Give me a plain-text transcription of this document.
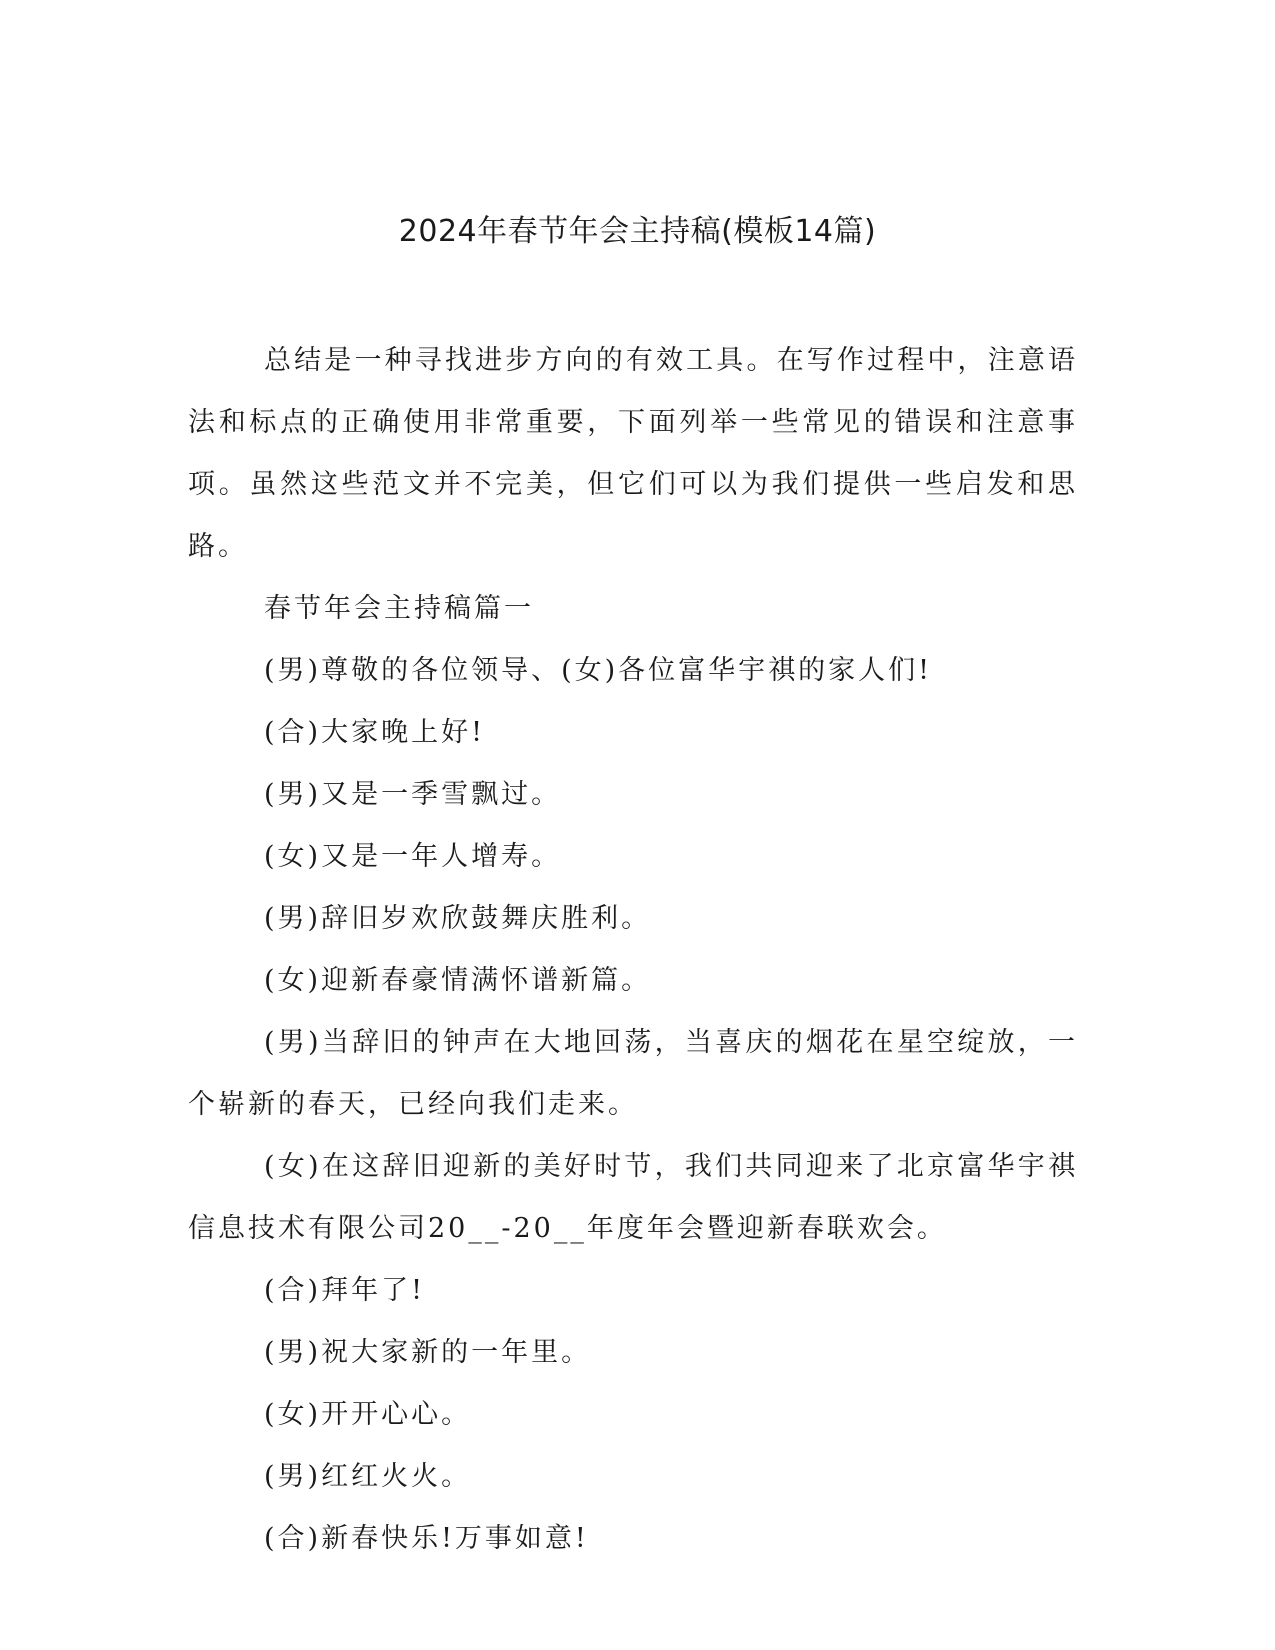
2024年春节年会主持稿(模板14篇)

总结是一种寻找进步方向的有效工具。在写作过程中，注意语法和标点的正确使用非常重要，下面列举一些常见的错误和注意事项。虽然这些范文并不完美，但它们可以为我们提供一些启发和思路。

春节年会主持稿篇一

(男)尊敬的各位领导、(女)各位富华宇祺的家人们!

(合)大家晚上好!

(男)又是一季雪飘过。

(女)又是一年人增寿。

(男)辞旧岁欢欣鼓舞庆胜利。

(女)迎新春豪情满怀谱新篇。

(男)当辞旧的钟声在大地回荡，当喜庆的烟花在星空绽放，一个崭新的春天，已经向我们走来。

(女)在这辞旧迎新的美好时节，我们共同迎来了北京富华宇祺信息技术有限公司20__-20__年度年会暨迎新春联欢会。

(合)拜年了!

(男)祝大家新的一年里。

(女)开开心心。

(男)红红火火。

(合)新春快乐!万事如意!
